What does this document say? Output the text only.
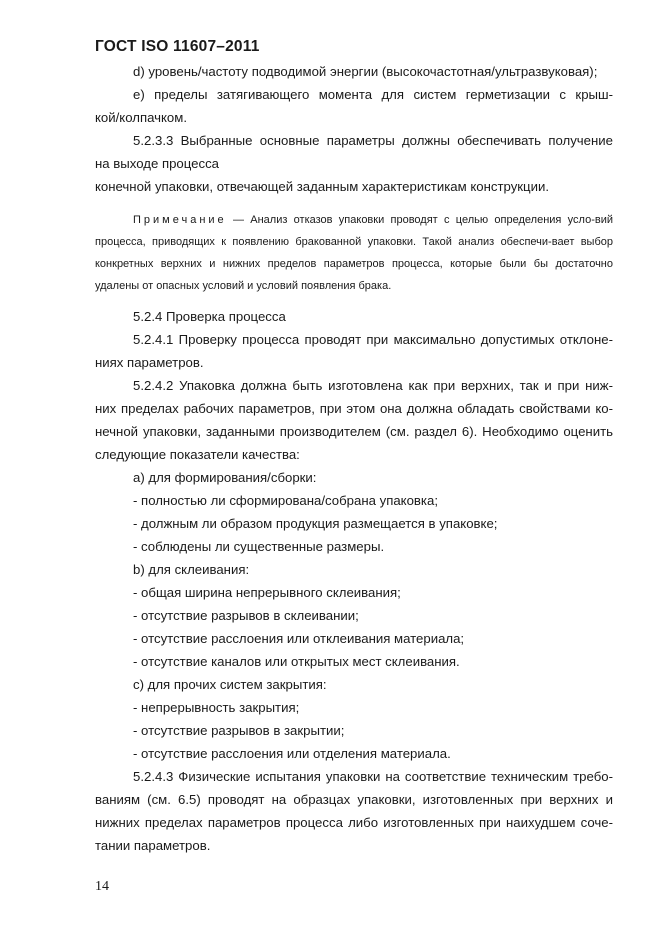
ГОСТ ISO 11607–2011

d) уровень/частоту подводимой энергии (высокочастотная/ультразвуковая);

e) пределы затягивающего момента для систем герметизации с крыш-

кой/колпачком.

5.2.3.3 Выбранные основные параметры должны обеспечивать получение

на выходе процесса

конечной упаковки, отвечающей заданным характеристикам конструкции.

Примечание — Анализ отказов упаковки проводят с целью определения усло-вий процесса, приводящих к появлению бракованной упаковки. Такой анализ обеспечи-вает выбор конкретных верхних и нижних пределов параметров процесса, которые были бы достаточно удалены от опасных условий и условий появления брака.

5.2.4 Проверка процесса

5.2.4.1 Проверку процесса проводят при максимально допустимых отклоне-

ниях параметров.

5.2.4.2 Упаковка должна быть изготовлена как при верхних, так и при ниж-

них пределах рабочих параметров, при этом она должна обладать свойствами ко-

нечной упаковки, заданными производителем (см. раздел 6). Необходимо оценить

следующие показатели качества:

a) для формирования/сборки:

- полностью ли сформирована/собрана упаковка;

- должным ли образом продукция размещается в упаковке;

- соблюдены ли существенные размеры.

b) для склеивания:

- общая ширина непрерывного склеивания;

- отсутствие разрывов в склеивании;

- отсутствие расслоения или отклеивания материала;

- отсутствие каналов или открытых мест склеивания.

c) для прочих систем закрытия:

- непрерывность закрытия;

- отсутствие разрывов в закрытии;

- отсутствие расслоения или отделения материала.

5.2.4.3 Физические испытания упаковки на соответствие техническим требо-

ваниям (см. 6.5) проводят на образцах упаковки, изготовленных при верхних и

нижних пределах параметров процесса либо изготовленных при наихудшем соче-

тании параметров.

14
